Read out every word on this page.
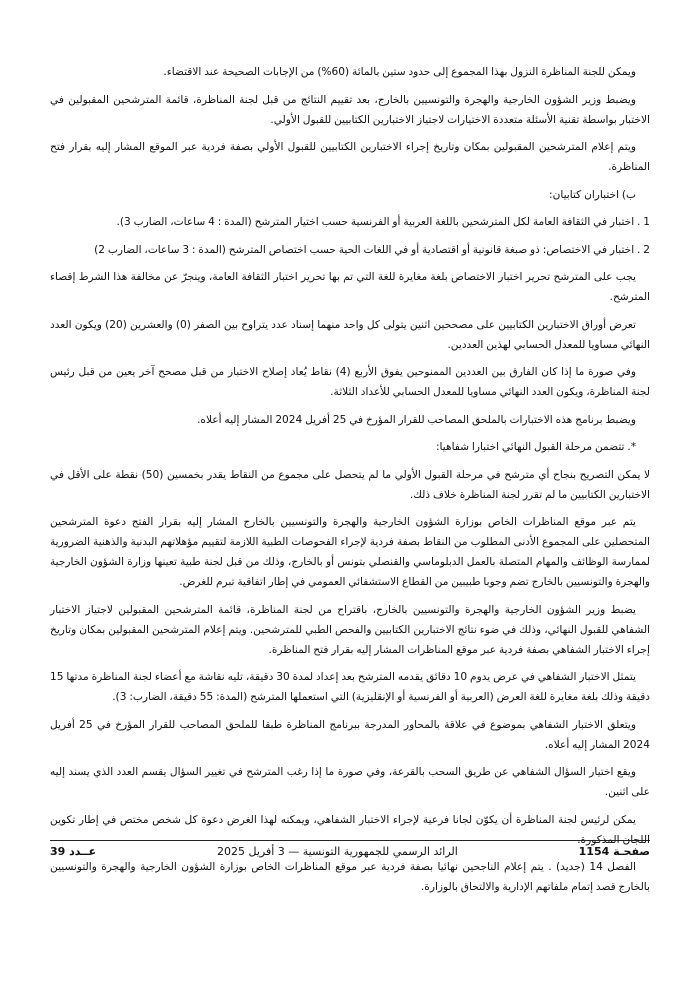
ويمكن للجنة المناظرة النزول بهذا المجموع إلى حدود ستين بالمائة (60%) من الإجابات الصحيحة عند الاقتضاء.

ويضبط وزير الشؤون الخارجية والهجرة والتونسيين بالخارج، بعد تقييم النتائج من قبل لجنة المناظرة، قائمة المترشحين المقبولين في الاختبار بواسطة تقنية الأسئلة متعددة الاختيارات لاجتياز الاختبارين الكتابيين للقبول الأولي.

ويتم إعلام المترشحين المقبولين بمكان وتاريخ إجراء الاختبارين الكتابيين للقبول الأولي بصفة فردية عبر الموقع المشار إليه بقرار فتح المناظرة.

ب) اختباران كتابيان:

1 . اختبار في الثقافة العامة لكل المترشحين باللغة العربية أو الفرنسية حسب اختيار المترشح (المدة : 4 ساعات، الضارب 3).

2 . اختبار في الاختصاص: ذو صبغة قانونية أو اقتصادية أو في اللغات الحية حسب اختصاص المترشح (المدة : 3 ساعات، الضارب 2)

يجب على المترشح تحرير اختبار الاختصاص بلغة مغايرة للغة التي تم بها تحرير اختبار الثقافة العامة، وينجرّ عن مخالفة هذا الشرط إقصاء المترشح.

تعرض أوراق الاختبارين الكتابيين على مصححين اثنين يتولى كل واحد منهما إسناد عدد يتراوح بين الصفر (0) والعشرين (20) ويكون العدد النهائي مساويا للمعدل الحسابي لهذين العددين.

وفي صورة ما إذا كان الفارق بين العددين الممنوحين يفوق الأربع (4) نقاط يُعاد إصلاح الاختبار من قبل مصحح آخر يعين من قبل رئيس لجنة المناظرة، ويكون العدد النهائي مساويا للمعدل الحسابي للأعداد الثلاثة.

ويضبط برنامج هذه الاختبارات بالملحق المصاحب للقرار المؤرخ في 25 أفريل 2024 المشار إليه أعلاه.

*. تتضمن مرحلة القبول النهائي اختبارا شفاهيا:

لا يمكن التصريح بنجاح أي مترشح في مرحلة القبول الأولي ما لم يتحصل على مجموع من النقاط يقدر بخمسين (50) نقطة على الأقل في الاختبارين الكتابيين ما لم تقرر لجنة المناظرة خلاف ذلك.

يتم عبر موقع المناظرات الخاص بوزارة الشؤون الخارجية والهجرة والتونسيين بالخارج المشار إليه بقرار الفتح دعوة المترشحين المتحصلين على المجموع الأدنى المطلوب من النقاط بصفة فردية لإجراء الفحوصات الطبية اللازمة لتقييم مؤهلاتهم البدنية والذهنية الضرورية لممارسة الوظائف والمهام المتصلة بالعمل الدبلوماسي والقنصلي بتونس أو بالخارج، وذلك من قبل لجنة طبية تعينها وزارة الشؤون الخارجية والهجرة والتونسيين بالخارج تضم وجوبا طبيبين من القطاع الاستشفائي العمومي في إطار اتفاقية تبرم للغرض.

يضبط وزير الشؤون الخارجية والهجرة والتونسيين بالخارج، باقتراح من لجنة المناظرة، قائمة المترشحين المقبولين لاجتياز الاختبار الشفاهي للقبول النهائي، وذلك في ضوء نتائج الاختبارين الكتابيين والفحص الطبي للمترشحين. ويتم إعلام المترشحين المقبولين بمكان وتاريخ إجراء الاختبار الشفاهي بصفة فردية عبر موقع المناظرات المشار إليه بقرار فتح المناظرة.

يتمثل الاختبار الشفاهي في عرض يدوم 10 دقائق يقدمه المترشح بعد إعداد لمدة 30 دقيقة، تليه نقاشة مع أعضاء لجنة المناظرة مدتها 15 دقيقة وذلك بلغة مغايرة للغة العرض (العربية أو الفرنسية أو الإنقليزية) التي استعملها المترشح (المدة: 55 دقيقة، الضارب: 3).

ويتعلق الاختبار الشفاهي بموضوع في علاقة بالمحاور المدرجة ببرنامج المناظرة طبقا للملحق المصاحب للقرار المؤرخ في 25 أفريل 2024 المشار إليه أعلاه.

ويقع اختيار السؤال الشفاهي عن طريق السحب بالقرعة، وفي صورة ما إذا رغب المترشح في تغيير السؤال يقسم العدد الذي يسند إليه على اثنين.

يمكن لرئيس لجنة المناظرة أن يكوّن لجانا فرعية لإجراء الاختبار الشفاهي، ويمكنه لهذا الغرض دعوة كل شخص مختص في إطار تكوين اللجان المذكورة.

الفصل 14 (جديد) . يتم إعلام الناجحين نهائيا بصفة فردية عبر موقع المناظرات الخاص بوزارة الشؤون الخارجية والهجرة والتونسيين بالخارج قصد إتمام ملفاتهم الإدارية والالتحاق بالوزارة.

صفحـة 1154
الرائد الرسمي للجمهورية التونسية — 3 أفريل 2025
عــدد 39
